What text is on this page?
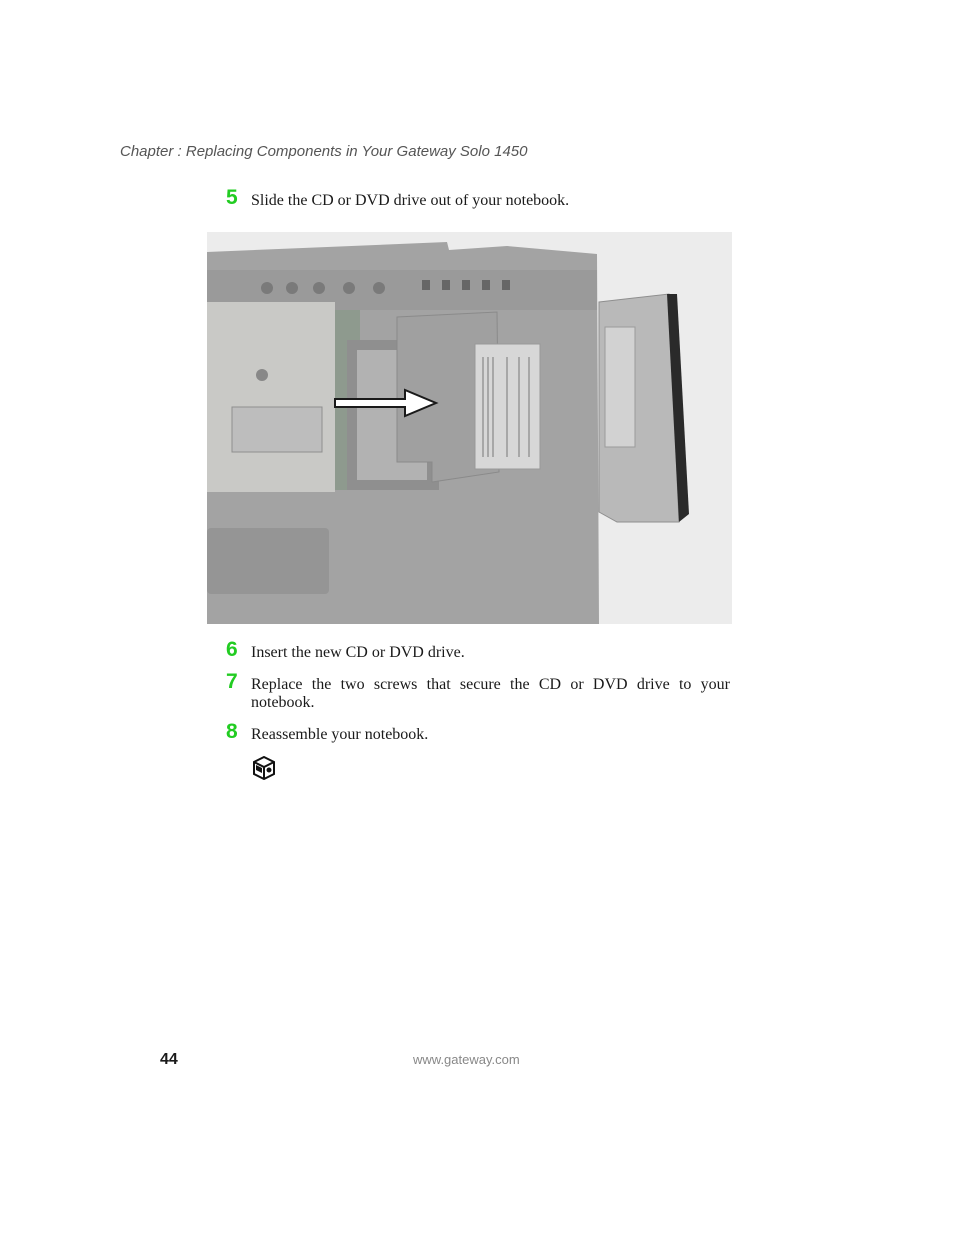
Chapter : Replacing Components in Your Gateway Solo 1450
5 Slide the CD or DVD drive out of your notebook.
6 Insert the new CD or DVD drive.
7 Replace the two screws that secure the CD or DVD drive to your notebook.
8 Reassemble your notebook.
44	www.gateway.com
